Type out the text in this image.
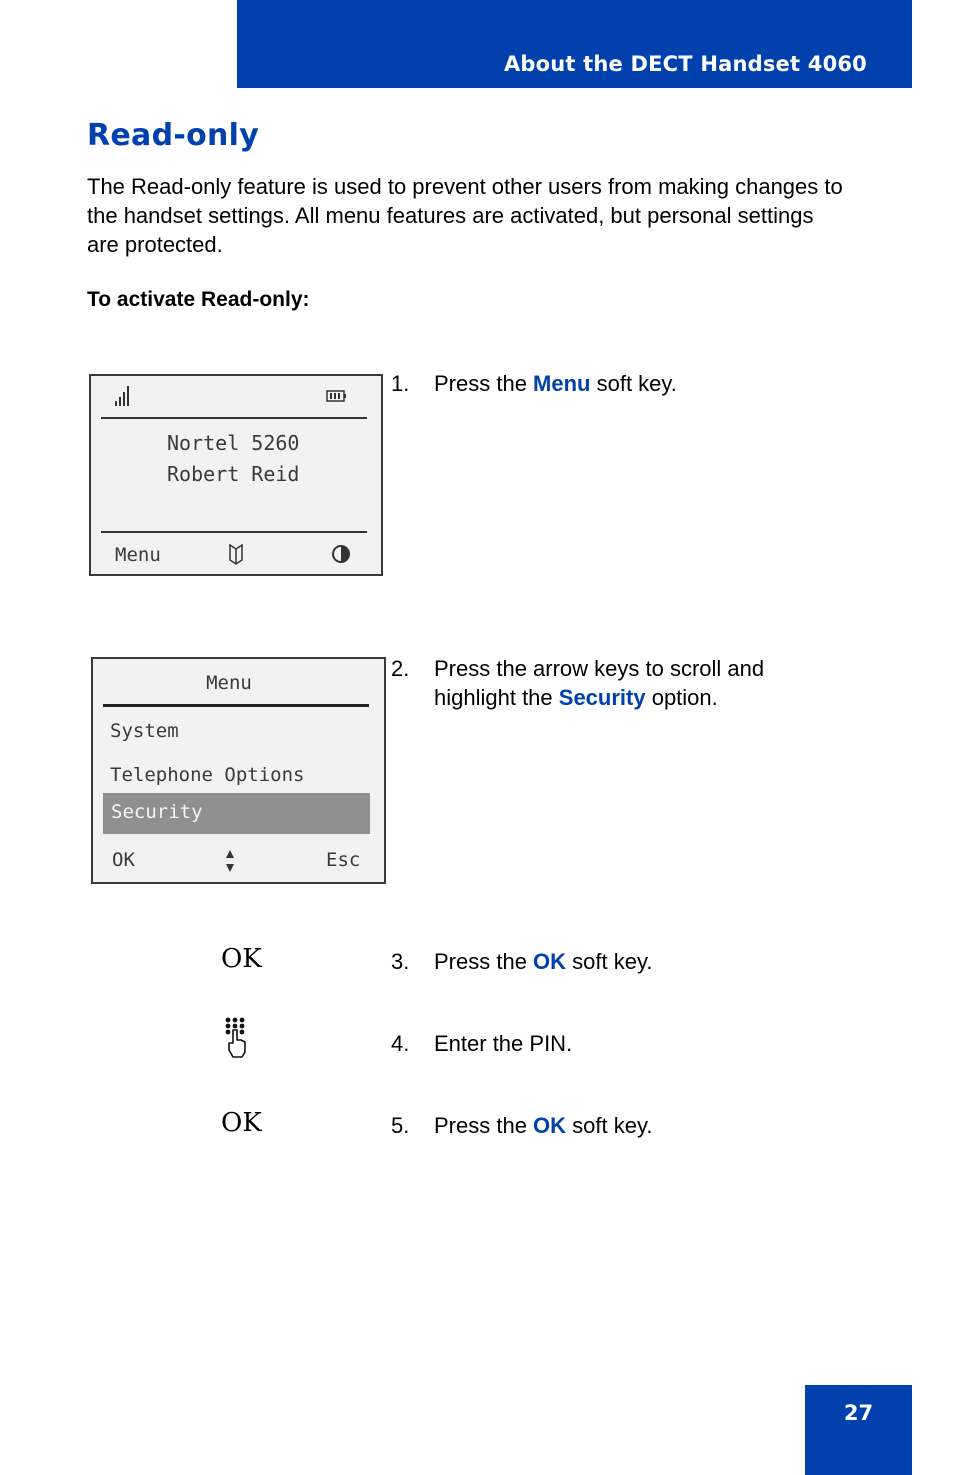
About the DECT Handset 4060
Read-only

The Read-only feature is used to prevent other users from making changes to the handset settings. All menu features are activated, but personal settings are protected.

To activate Read-only:

Nortel 5260
Robert Reid
Menu
Menu
System
Telephone Options
Security
OK	Esc
1. Press the Menu soft key.
2. Press the arrow keys to scroll and highlight the Security option.
OK	3. Press the OK soft key.
4. Enter the PIN.
OK	5. Press the OK soft key.
27
